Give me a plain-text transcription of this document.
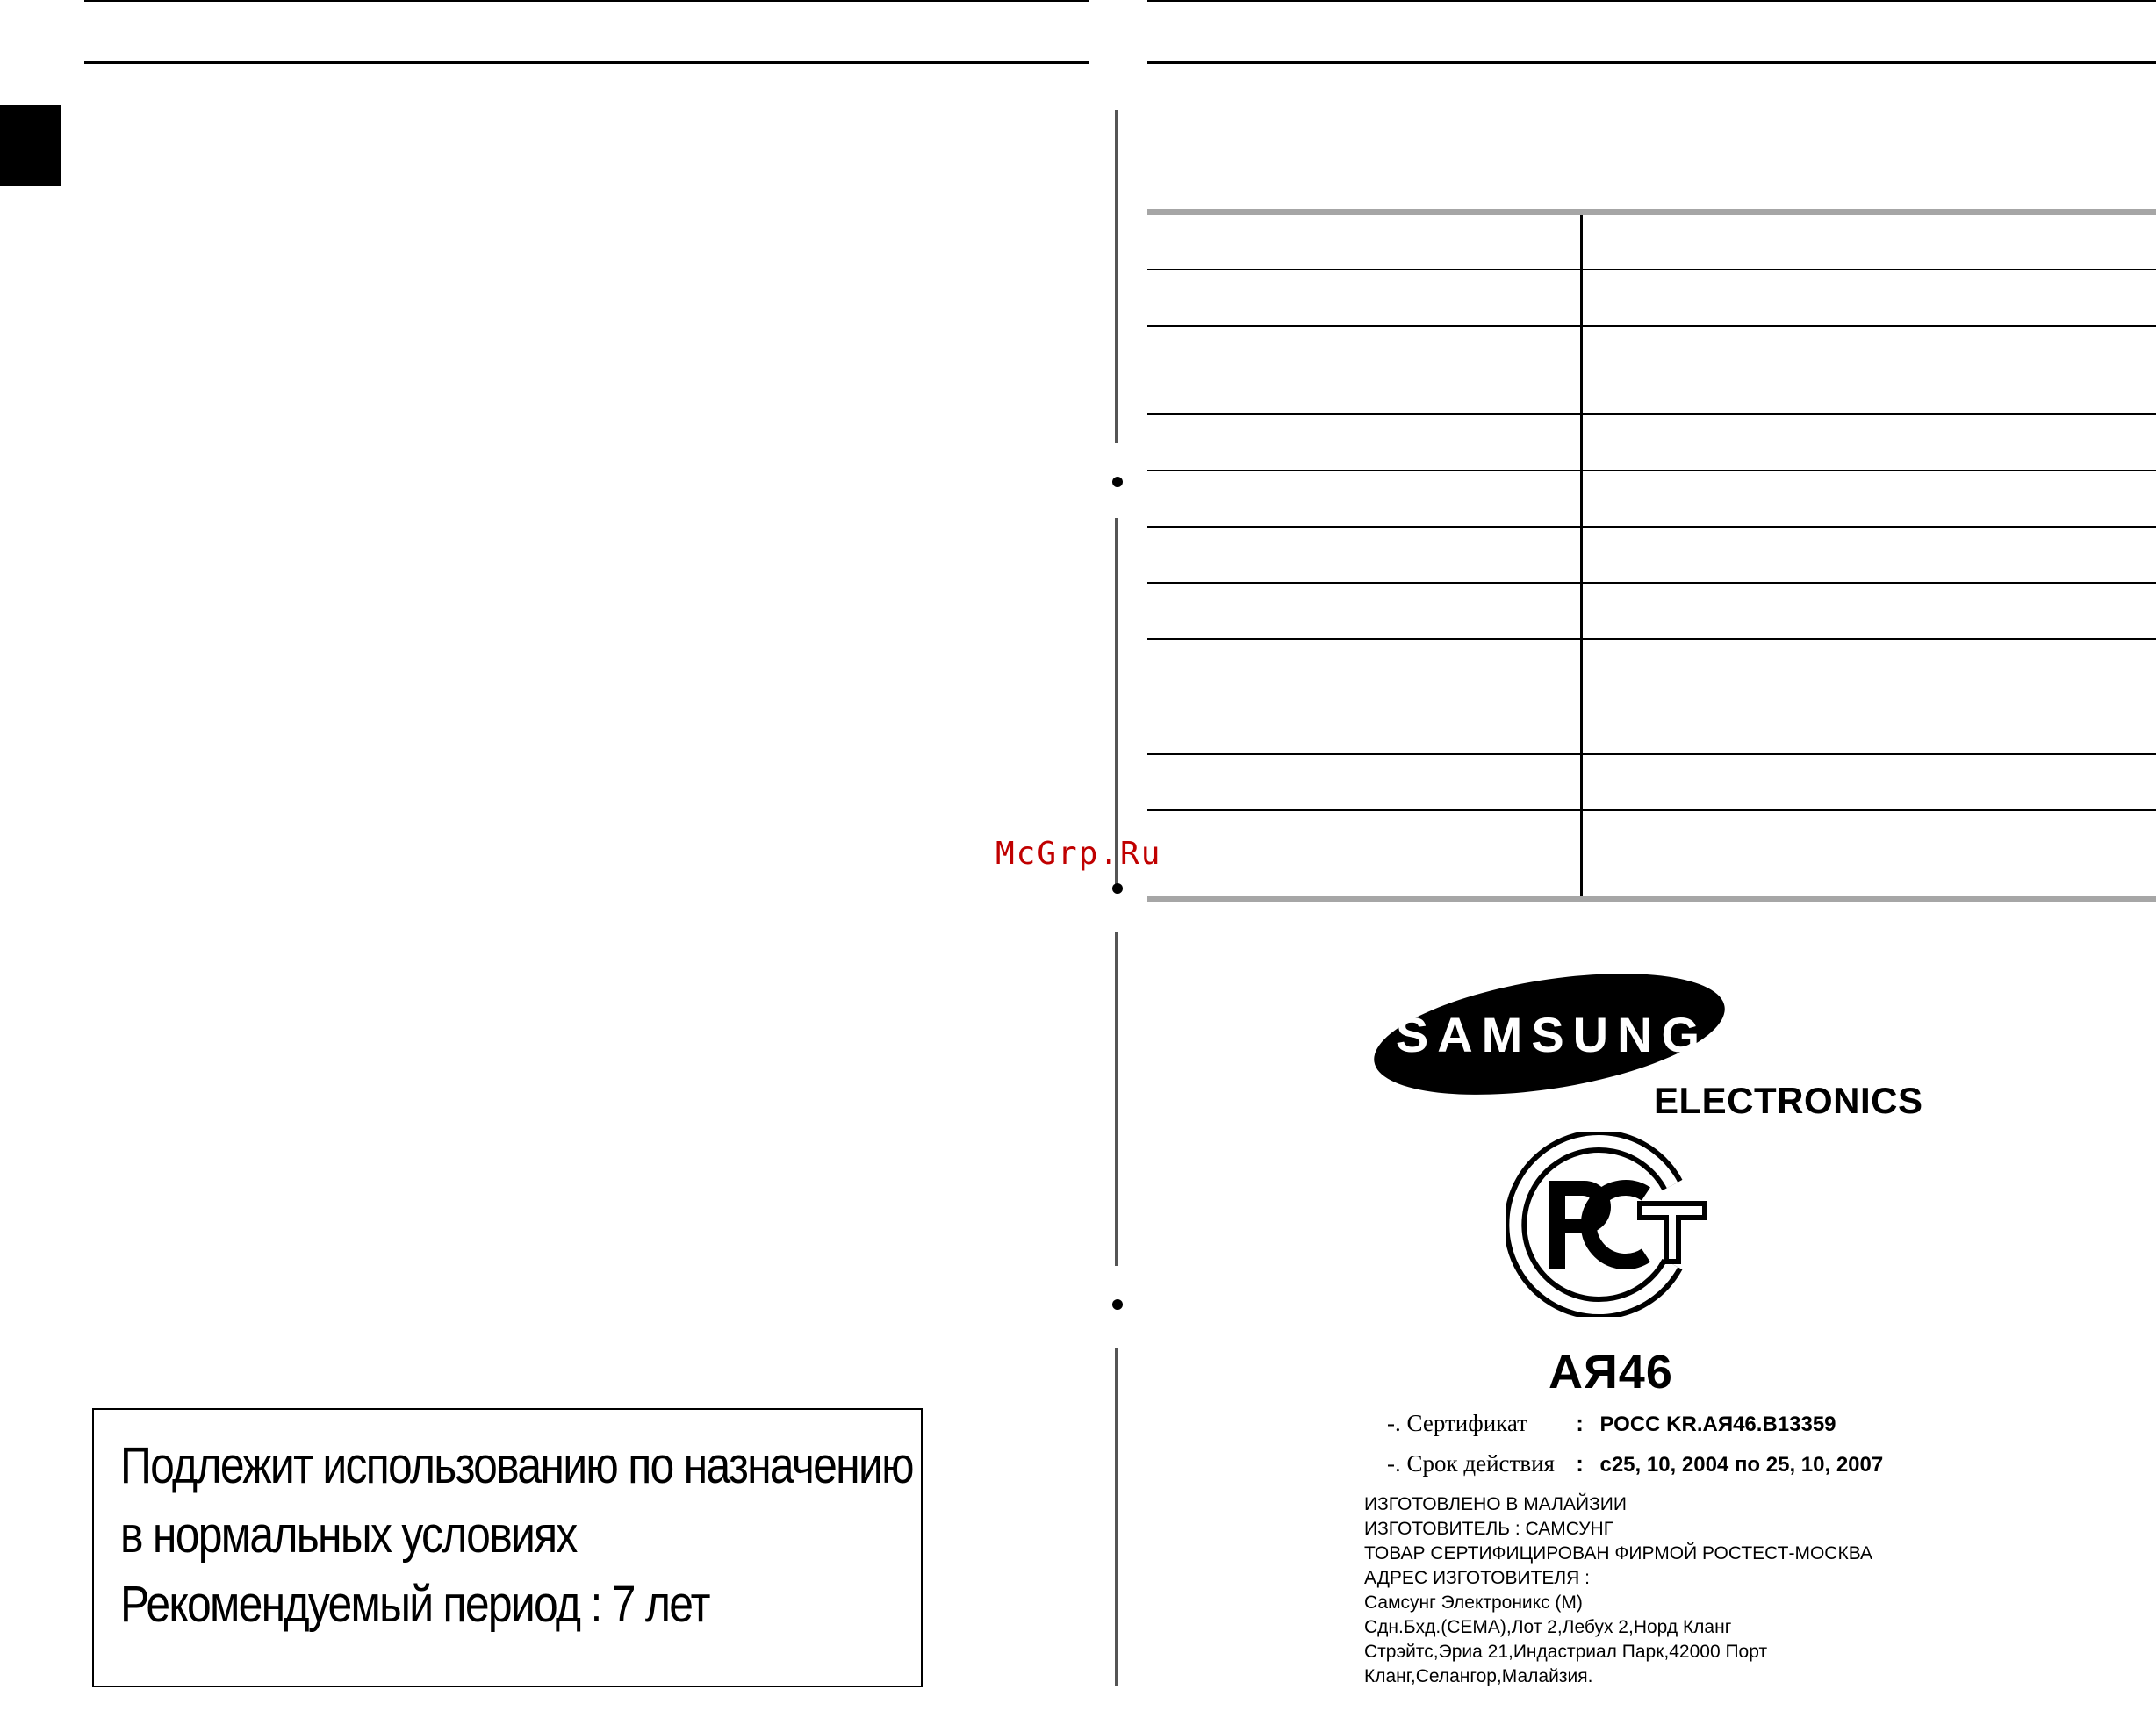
McGrp.Ru
Подлежит использованию по назначению
в нормальных условиях
Рекомендуемый период : 7 лет
SAMSUNG
ELECTRONICS
АЯ46
-. Сертификат : РОСС KR.АЯ46.B13359
-. Срок действия : с25, 10, 2004 по 25, 10, 2007
ИЗГОТОВЛЕНО В МАЛАЙЗИИ
ИЗГОТОВИТЕЛЬ : САМСУНГ
ТОВАР СЕРТИФИЦИРОВАН ФИРМОЙ РОСТЕСТ-МОСКВА
АДРЕС ИЗГОТОВИТЕЛЯ :
Самсунг Электроникс (М)
Сдн.Бхд.(СЕМА),Лот 2,Лебух 2,Норд Кланг
Стрэйтс,Эриа 21,Индастриал Парк,42000 Порт
Кланг,Селангор,Малайзия.
